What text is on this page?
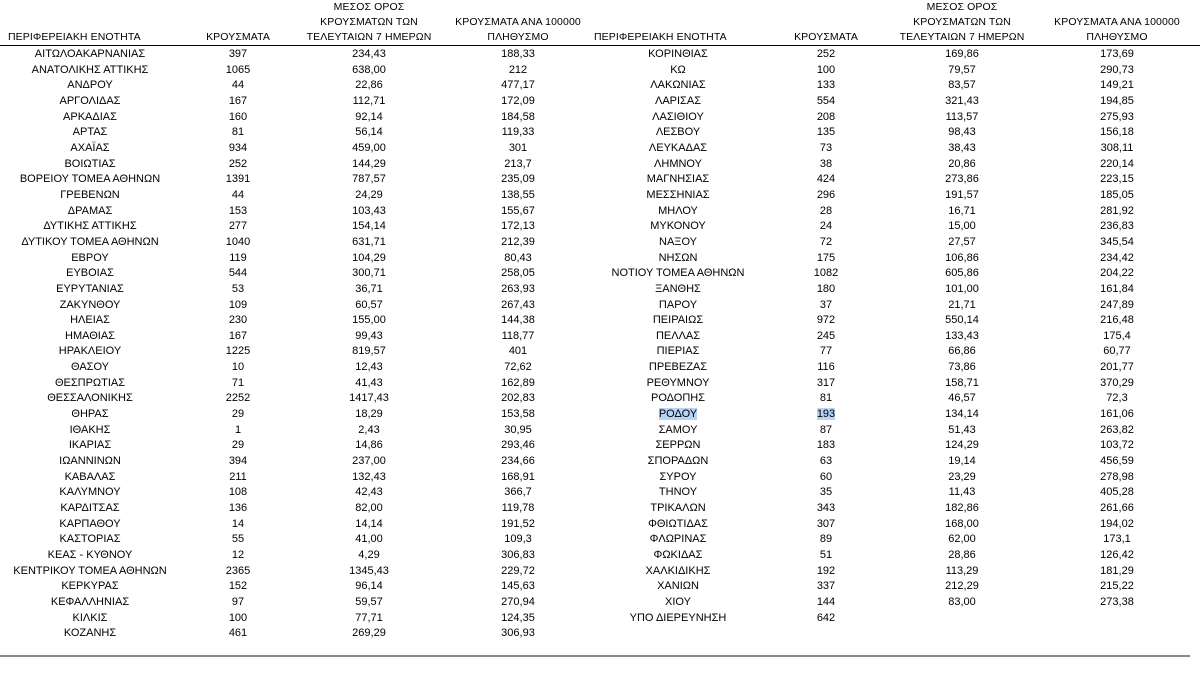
		ΜΕΣΟΣ ΟΡΟΣ	
		ΚΡΟΥΣΜΑΤΩΝ ΤΩΝ	ΚΡΟΥΣΜΑΤΑ ΑΝΑ 100000
ΠΕΡΙΦΕΡΕΙΑΚΗ ΕΝΟΤΗΤΑ	ΚΡΟΥΣΜΑΤΑ	ΤΕΛΕΥΤΑΙΩΝ 7 ΗΜΕΡΩΝ	ΠΛΗΘΥΣΜΟ
ΑΙΤΩΛΟΑΚΑΡΝΑΝΙΑΣ	397	234,43	188,33
ΑΝΑΤΟΛΙΚΗΣ ΑΤΤΙΚΗΣ	1065	638,00	212
ΑΝΔΡΟΥ	44	22,86	477,17
ΑΡΓΟΛΙΔΑΣ	167	112,71	172,09
ΑΡΚΑΔΙΑΣ	160	92,14	184,58
ΑΡΤΑΣ	81	56,14	119,33
ΑΧΑΪΑΣ	934	459,00	301
ΒΟΙΩΤΙΑΣ	252	144,29	213,7
ΒΟΡΕΙΟΥ ΤΟΜΕΑ ΑΘΗΝΩΝ	1391	787,57	235,09
ΓΡΕΒΕΝΩΝ	44	24,29	138,55
ΔΡΑΜΑΣ	153	103,43	155,67
ΔΥΤΙΚΗΣ ΑΤΤΙΚΗΣ	277	154,14	172,13
ΔΥΤΙΚΟΥ ΤΟΜΕΑ ΑΘΗΝΩΝ	1040	631,71	212,39
ΕΒΡΟΥ	119	104,29	80,43
ΕΥΒΟΙΑΣ	544	300,71	258,05
ΕΥΡΥΤΑΝΙΑΣ	53	36,71	263,93
ΖΑΚΥΝΘΟΥ	109	60,57	267,43
ΗΛΕΙΑΣ	230	155,00	144,38
ΗΜΑΘΙΑΣ	167	99,43	118,77
ΗΡΑΚΛΕΙΟΥ	1225	819,57	401
ΘΑΣΟΥ	10	12,43	72,62
ΘΕΣΠΡΩΤΙΑΣ	71	41,43	162,89
ΘΕΣΣΑΛΟΝΙΚΗΣ	2252	1417,43	202,83
ΘΗΡΑΣ	29	18,29	153,58
ΙΘΑΚΗΣ	1	2,43	30,95
ΙΚΑΡΙΑΣ	29	14,86	293,46
ΙΩΑΝΝΙΝΩΝ	394	237,00	234,66
ΚΑΒΑΛΑΣ	211	132,43	168,91
ΚΑΛΥΜΝΟΥ	108	42,43	366,7
ΚΑΡΔΙΤΣΑΣ	136	82,00	119,78
ΚΑΡΠΑΘΟΥ	14	14,14	191,52
ΚΑΣΤΟΡΙΑΣ	55	41,00	109,3
ΚΕΑΣ - ΚΥΘΝΟΥ	12	4,29	306,83
ΚΕΝΤΡΙΚΟΥ ΤΟΜΕΑ ΑΘΗΝΩΝ	2365	1345,43	229,72
ΚΕΡΚΥΡΑΣ	152	96,14	145,63
ΚΕΦΑΛΛΗΝΙΑΣ	97	59,57	270,94
ΚΙΛΚΙΣ	100	77,71	124,35
ΚΟΖΑΝΗΣ	461	269,29	306,93
		ΜΕΣΟΣ ΟΡΟΣ	
		ΚΡΟΥΣΜΑΤΩΝ ΤΩΝ	ΚΡΟΥΣΜΑΤΑ ΑΝΑ 100000
ΠΕΡΙΦΕΡΕΙΑΚΗ ΕΝΟΤΗΤΑ	ΚΡΟΥΣΜΑΤΑ	ΤΕΛΕΥΤΑΙΩΝ 7 ΗΜΕΡΩΝ	ΠΛΗΘΥΣΜΟ
ΚΟΡΙΝΘΙΑΣ	252	169,86	173,69
ΚΩ	100	79,57	290,73
ΛΑΚΩΝΙΑΣ	133	83,57	149,21
ΛΑΡΙΣΑΣ	554	321,43	194,85
ΛΑΣΙΘΙΟΥ	208	113,57	275,93
ΛΕΣΒΟΥ	135	98,43	156,18
ΛΕΥΚΑΔΑΣ	73	38,43	308,11
ΛΗΜΝΟΥ	38	20,86	220,14
ΜΑΓΝΗΣΙΑΣ	424	273,86	223,15
ΜΕΣΣΗΝΙΑΣ	296	191,57	185,05
ΜΗΛΟΥ	28	16,71	281,92
ΜΥΚΟΝΟΥ	24	15,00	236,83
ΝΑΞΟΥ	72	27,57	345,54
ΝΗΣΩΝ	175	106,86	234,42
ΝΟΤΙΟΥ ΤΟΜΕΑ ΑΘΗΝΩΝ	1082	605,86	204,22
ΞΑΝΘΗΣ	180	101,00	161,84
ΠΑΡΟΥ	37	21,71	247,89
ΠΕΙΡΑΙΩΣ	972	550,14	216,48
ΠΕΛΛΑΣ	245	133,43	175,4
ΠΙΕΡΙΑΣ	77	66,86	60,77
ΠΡΕΒΕΖΑΣ	116	73,86	201,77
ΡΕΘΥΜΝΟΥ	317	158,71	370,29
ΡΟΔΟΠΗΣ	81	46,57	72,3
ΡΟΔΟΥ	193	134,14	161,06
ΣΑΜΟΥ	87	51,43	263,82
ΣΕΡΡΩΝ	183	124,29	103,72
ΣΠΟΡΑΔΩΝ	63	19,14	456,59
ΣΥΡΟΥ	60	23,29	278,98
ΤΗΝΟΥ	35	11,43	405,28
ΤΡΙΚΑΛΩΝ	343	182,86	261,66
ΦΘΙΩΤΙΔΑΣ	307	168,00	194,02
ΦΛΩΡΙΝΑΣ	89	62,00	173,1
ΦΩΚΙΔΑΣ	51	28,86	126,42
ΧΑΛΚΙΔΙΚΗΣ	192	113,29	181,29
ΧΑΝΙΩΝ	337	212,29	215,22
ΧΙΟΥ	144	83,00	273,38
ΥΠΟ ΔΙΕΡΕΥΝΗΣΗ	642		
